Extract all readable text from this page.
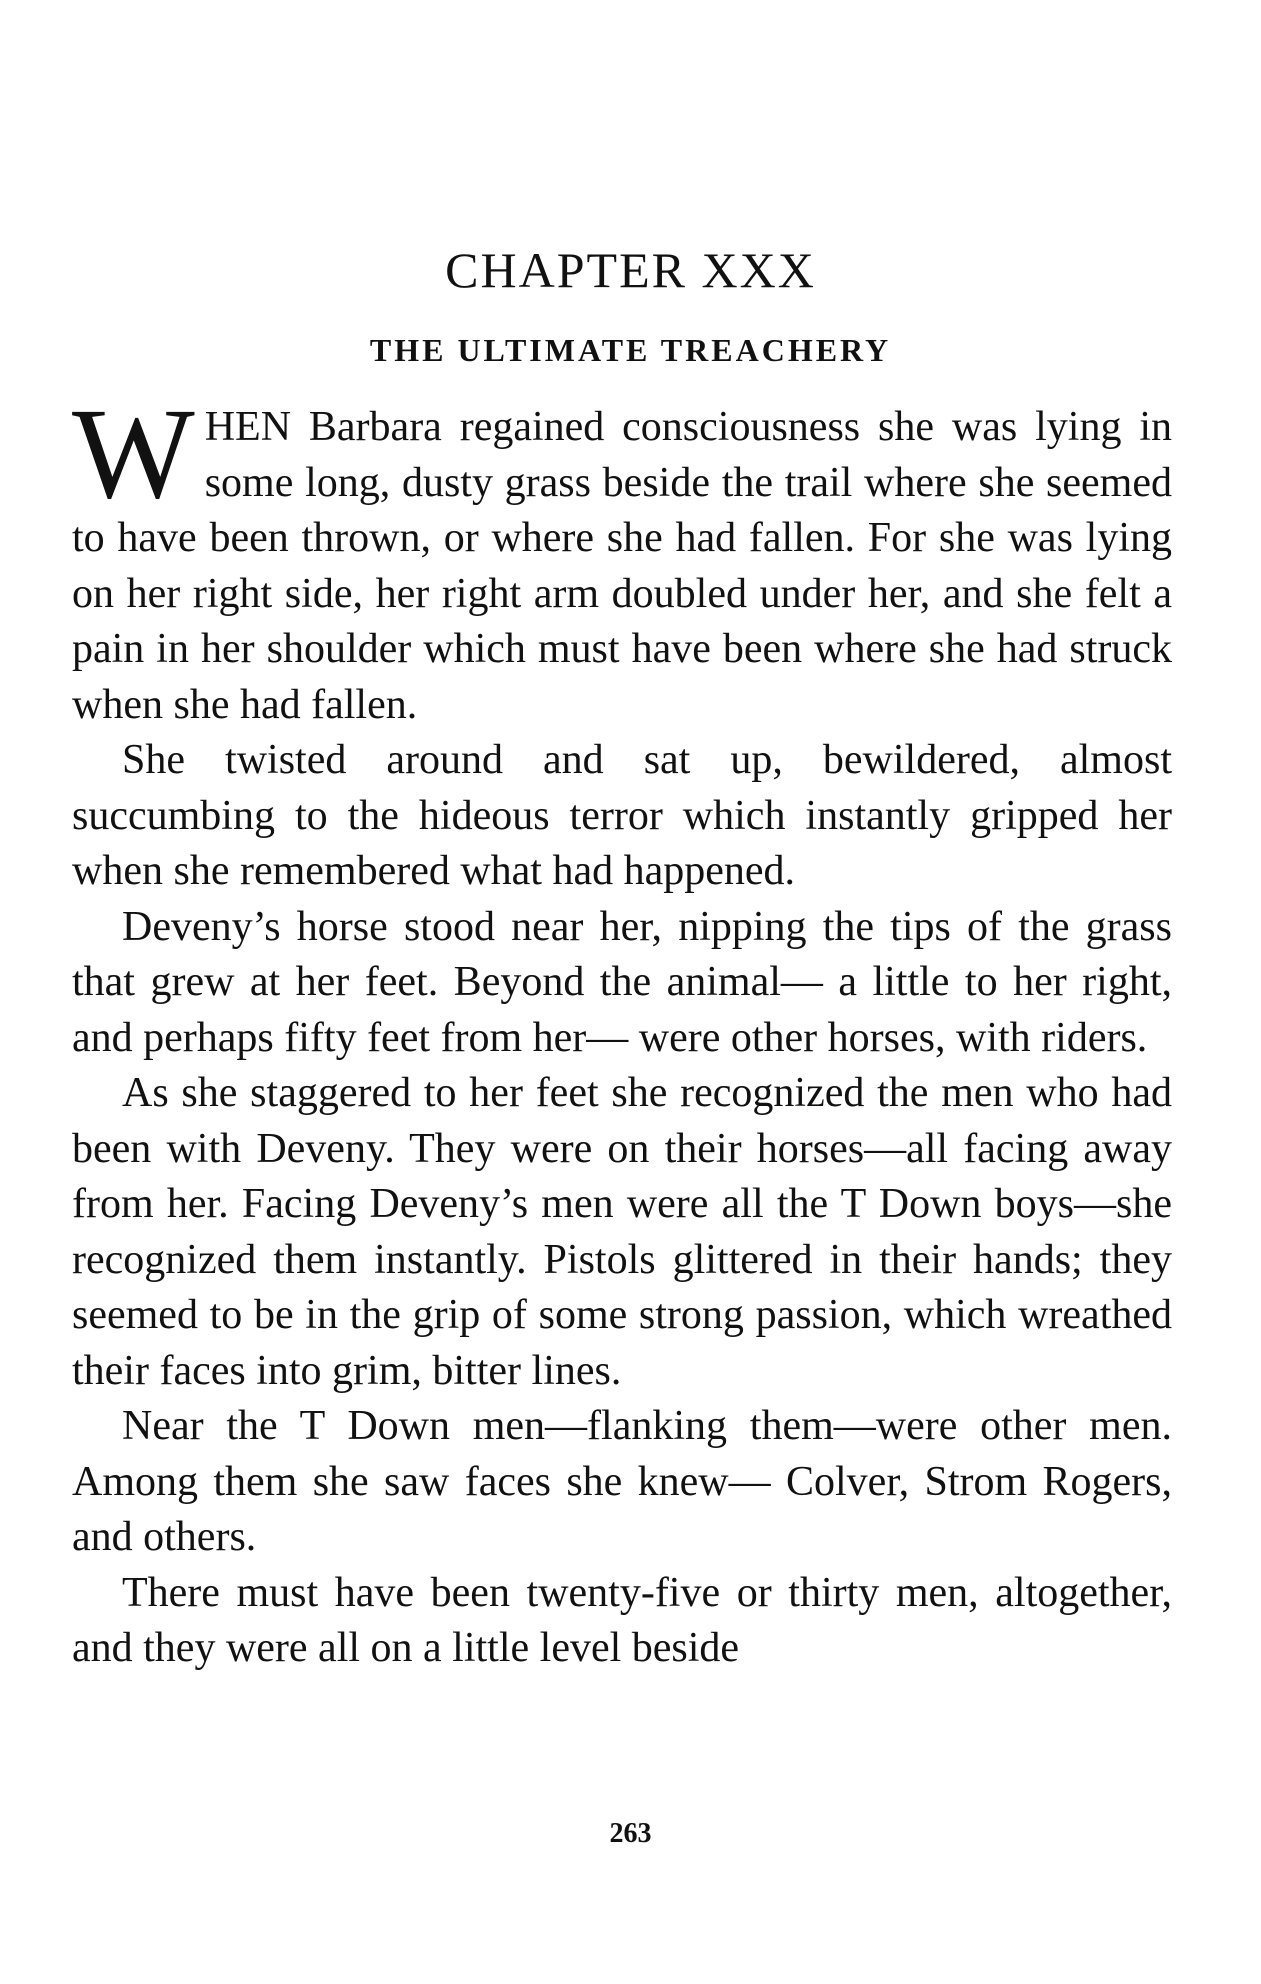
CHAPTER XXX
THE ULTIMATE TREACHERY

WHEN Barbara regained consciousness she was lying in some long, dusty grass beside the trail where she seemed to have been thrown, or where she had fallen. For she was lying on her right side, her right arm doubled under her, and she felt a pain in her shoulder which must have been where she had struck when she had fallen.

She twisted around and sat up, bewildered, almost succumbing to the hideous terror which instantly gripped her when she remembered what had happened.

Deveny’s horse stood near her, nipping the tips of the grass that grew at her feet. Beyond the animal— a little to her right, and perhaps fifty feet from her— were other horses, with riders.

As she staggered to her feet she recognized the men who had been with Deveny. They were on their horses—all facing away from her. Facing Deveny’s men were all the T Down boys—she recognized them instantly. Pistols glittered in their hands; they seemed to be in the grip of some strong passion, which wreathed their faces into grim, bitter lines.

Near the T Down men—flanking them—were other men. Among them she saw faces she knew— Colver, Strom Rogers, and others.

There must have been twenty-five or thirty men, altogether, and they were all on a little level beside

263
